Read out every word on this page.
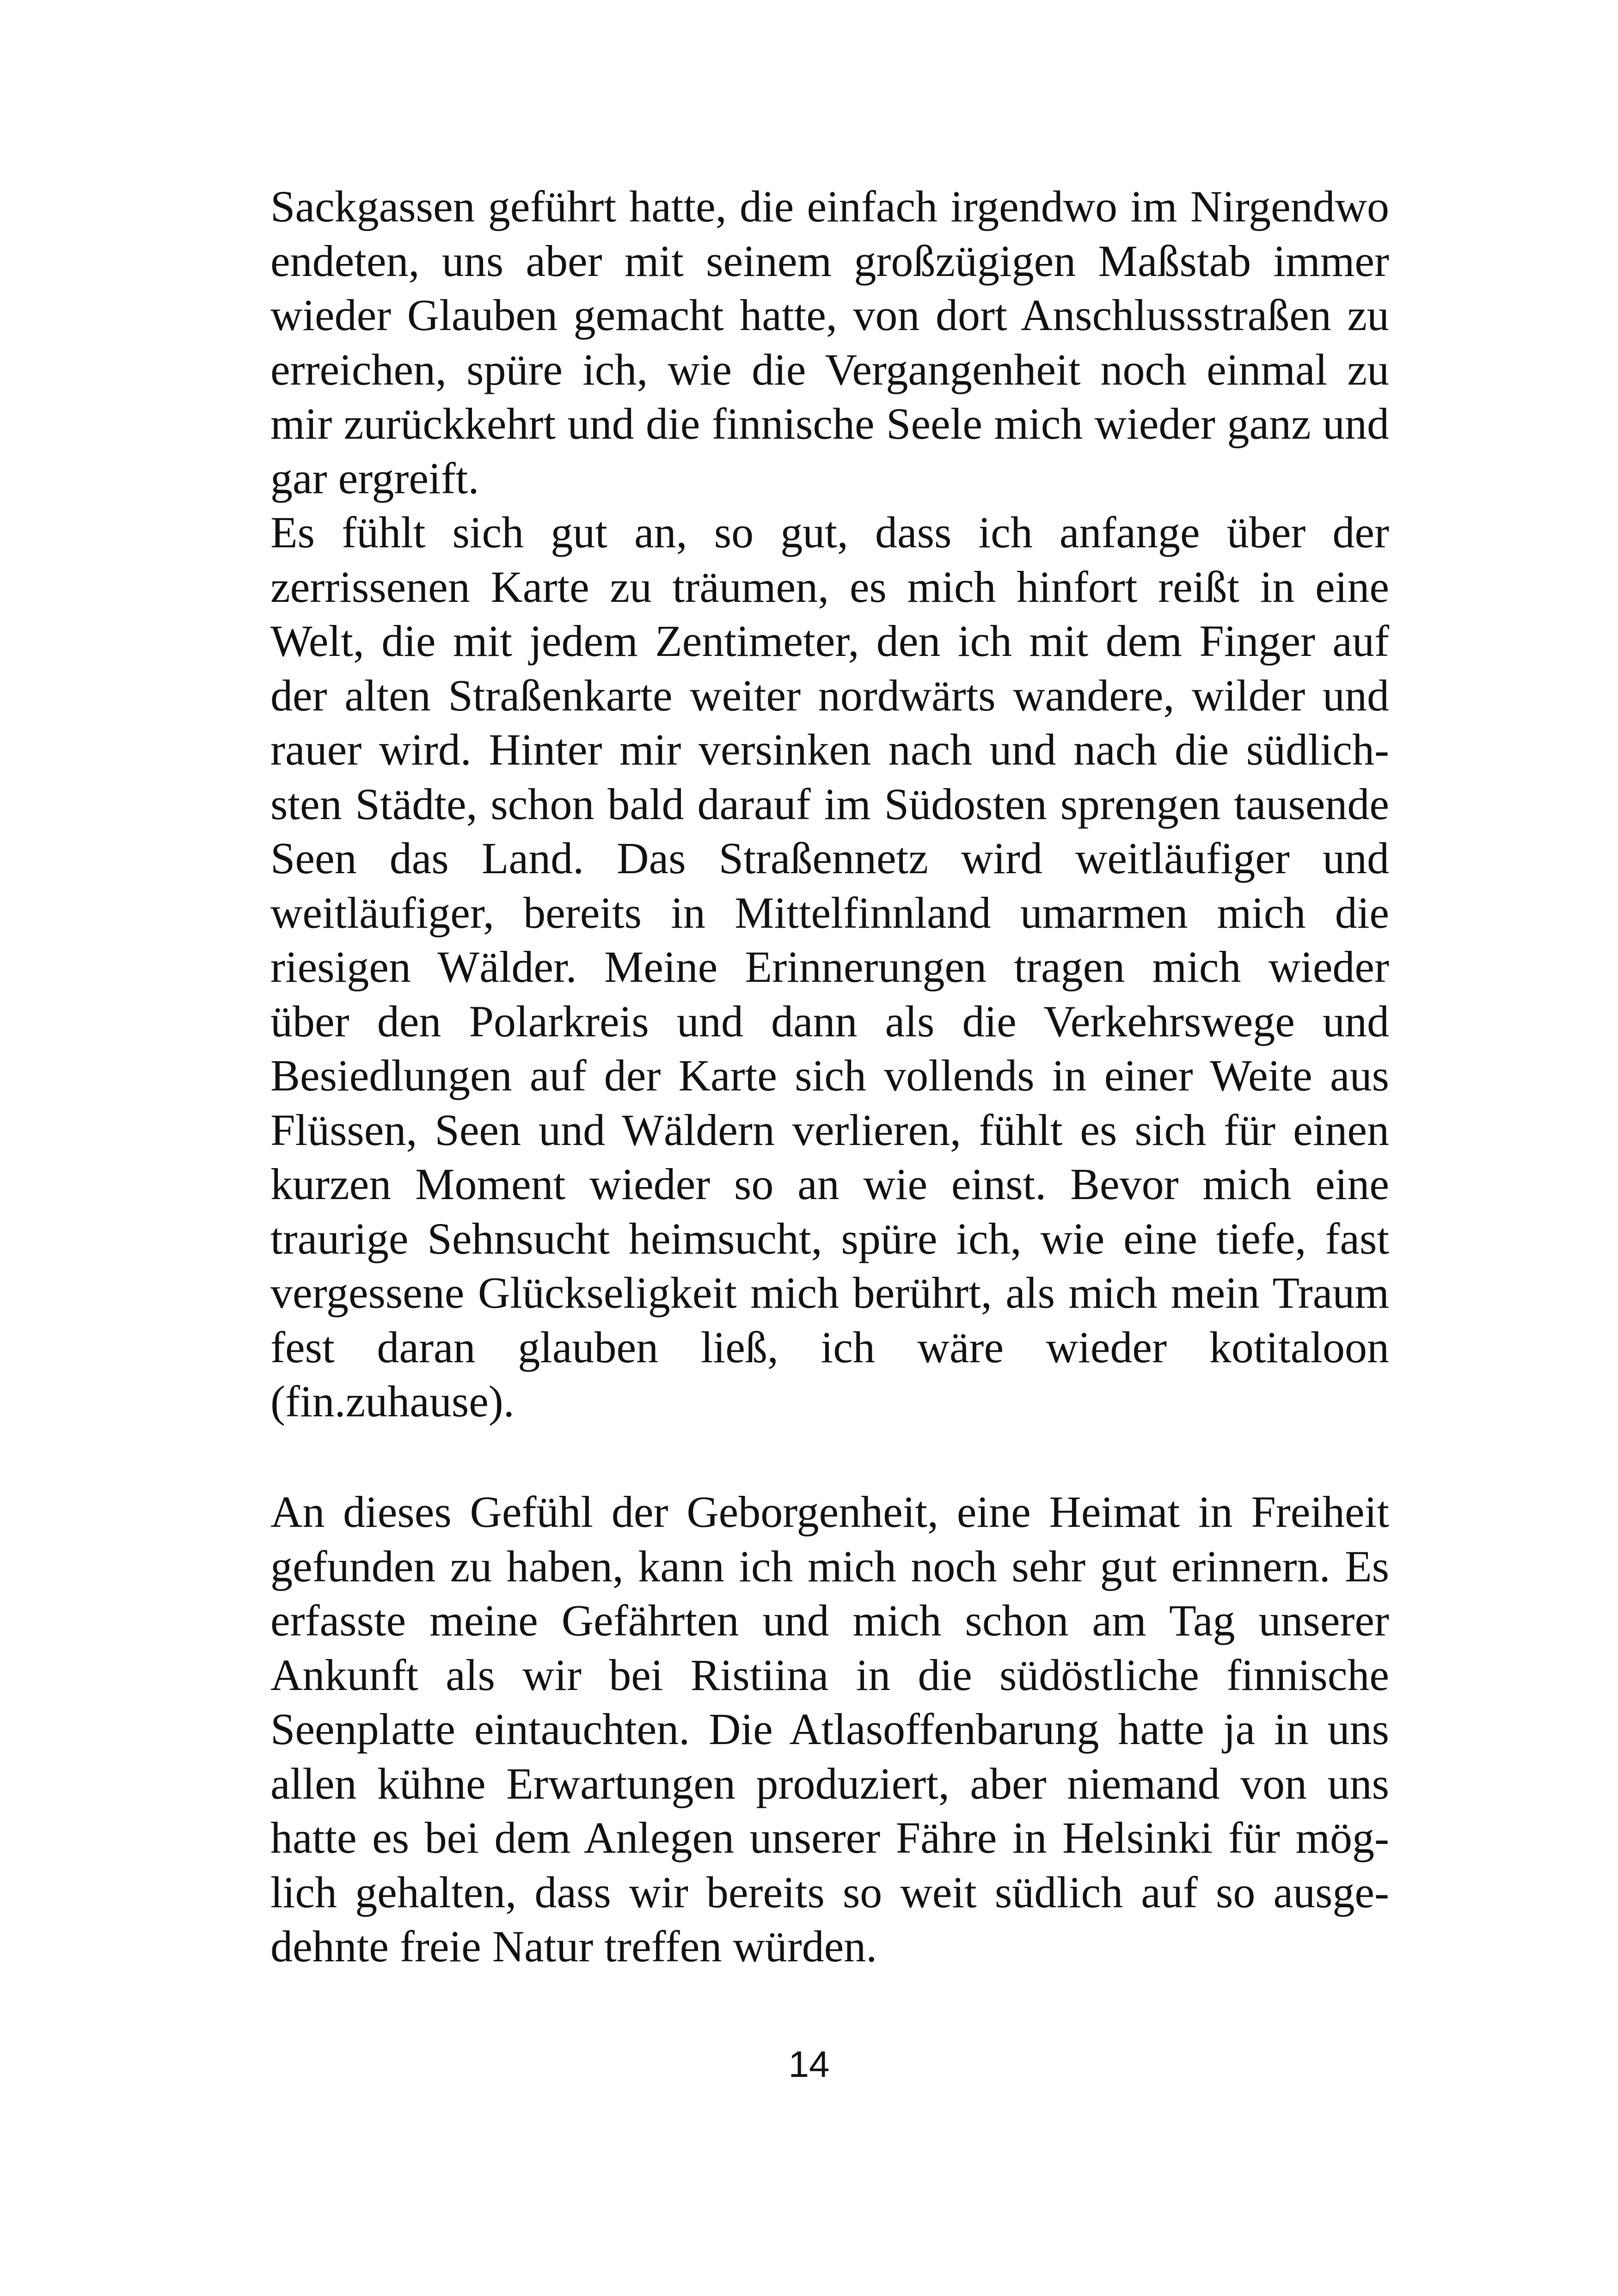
Sackgassen geführt hatte, die einfach irgendwo im Nirgendwo
endeten, uns aber mit seinem großzügigen Maßstab immer
wieder Glauben gemacht hatte, von dort Anschlussstraßen zu
erreichen, spüre ich, wie die Vergangenheit noch einmal zu
mir zurückkehrt und die finnische Seele mich wieder ganz und
gar ergreift.
Es fühlt sich gut an, so gut, dass ich anfange über der
zerrissenen Karte zu träumen, es mich hinfort reißt in eine
Welt, die mit jedem Zentimeter, den ich mit dem Finger auf
der alten Straßenkarte weiter nordwärts wandere, wilder und
rauer wird. Hinter mir versinken nach und nach die südlich-
sten Städte, schon bald darauf im Südosten sprengen tausende
Seen das Land. Das Straßennetz wird weitläufiger und
weitläufiger, bereits in Mittelfinnland umarmen mich die
riesigen Wälder. Meine Erinnerungen tragen mich wieder
über den Polarkreis und dann als die Verkehrswege und
Besiedlungen auf der Karte sich vollends in einer Weite aus
Flüssen, Seen und Wäldern verlieren, fühlt es sich für einen
kurzen Moment wieder so an wie einst. Bevor mich eine
traurige Sehnsucht heimsucht, spüre ich, wie eine tiefe, fast
vergessene Glückseligkeit mich berührt, als mich mein Traum
fest daran glauben ließ, ich wäre wieder kotitaloon
(fin.zuhause).
An dieses Gefühl der Geborgenheit, eine Heimat in Freiheit
gefunden zu haben, kann ich mich noch sehr gut erinnern. Es
erfasste meine Gefährten und mich schon am Tag unserer
Ankunft als wir bei Ristiina in die südöstliche finnische
Seenplatte eintauchten. Die Atlasoffenbarung hatte ja in uns
allen kühne Erwartungen produziert, aber niemand von uns
hatte es bei dem Anlegen unserer Fähre in Helsinki für mög-
lich gehalten, dass wir bereits so weit südlich auf so ausge-
dehnte freie Natur treffen würden.
14
